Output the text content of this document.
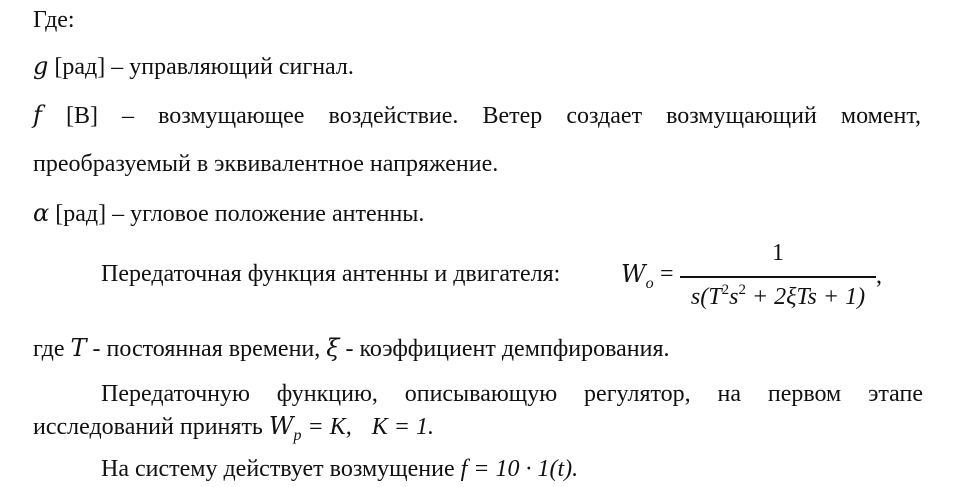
Где:
g [рад] – управляющий сигнал.
f [В] – возмущающее воздействие. Ветер создает возмущающий момент,
преобразуемый в эквивалентное напряжение.
α [рад] – угловое положение антенны.
Передаточная функция антенны и двигателя:	$W_o$ =
1
$s(T^2s^2 + 2\xi Ts + 1)$
,
где T - постоянная времени, ξ - коэффициент демпфирования.
Передаточную функцию, описывающую регулятор, на первом этапе
исследований принять $W_p = K$, K = 1.
На систему действует возмущение f = 10 · 1(t).
